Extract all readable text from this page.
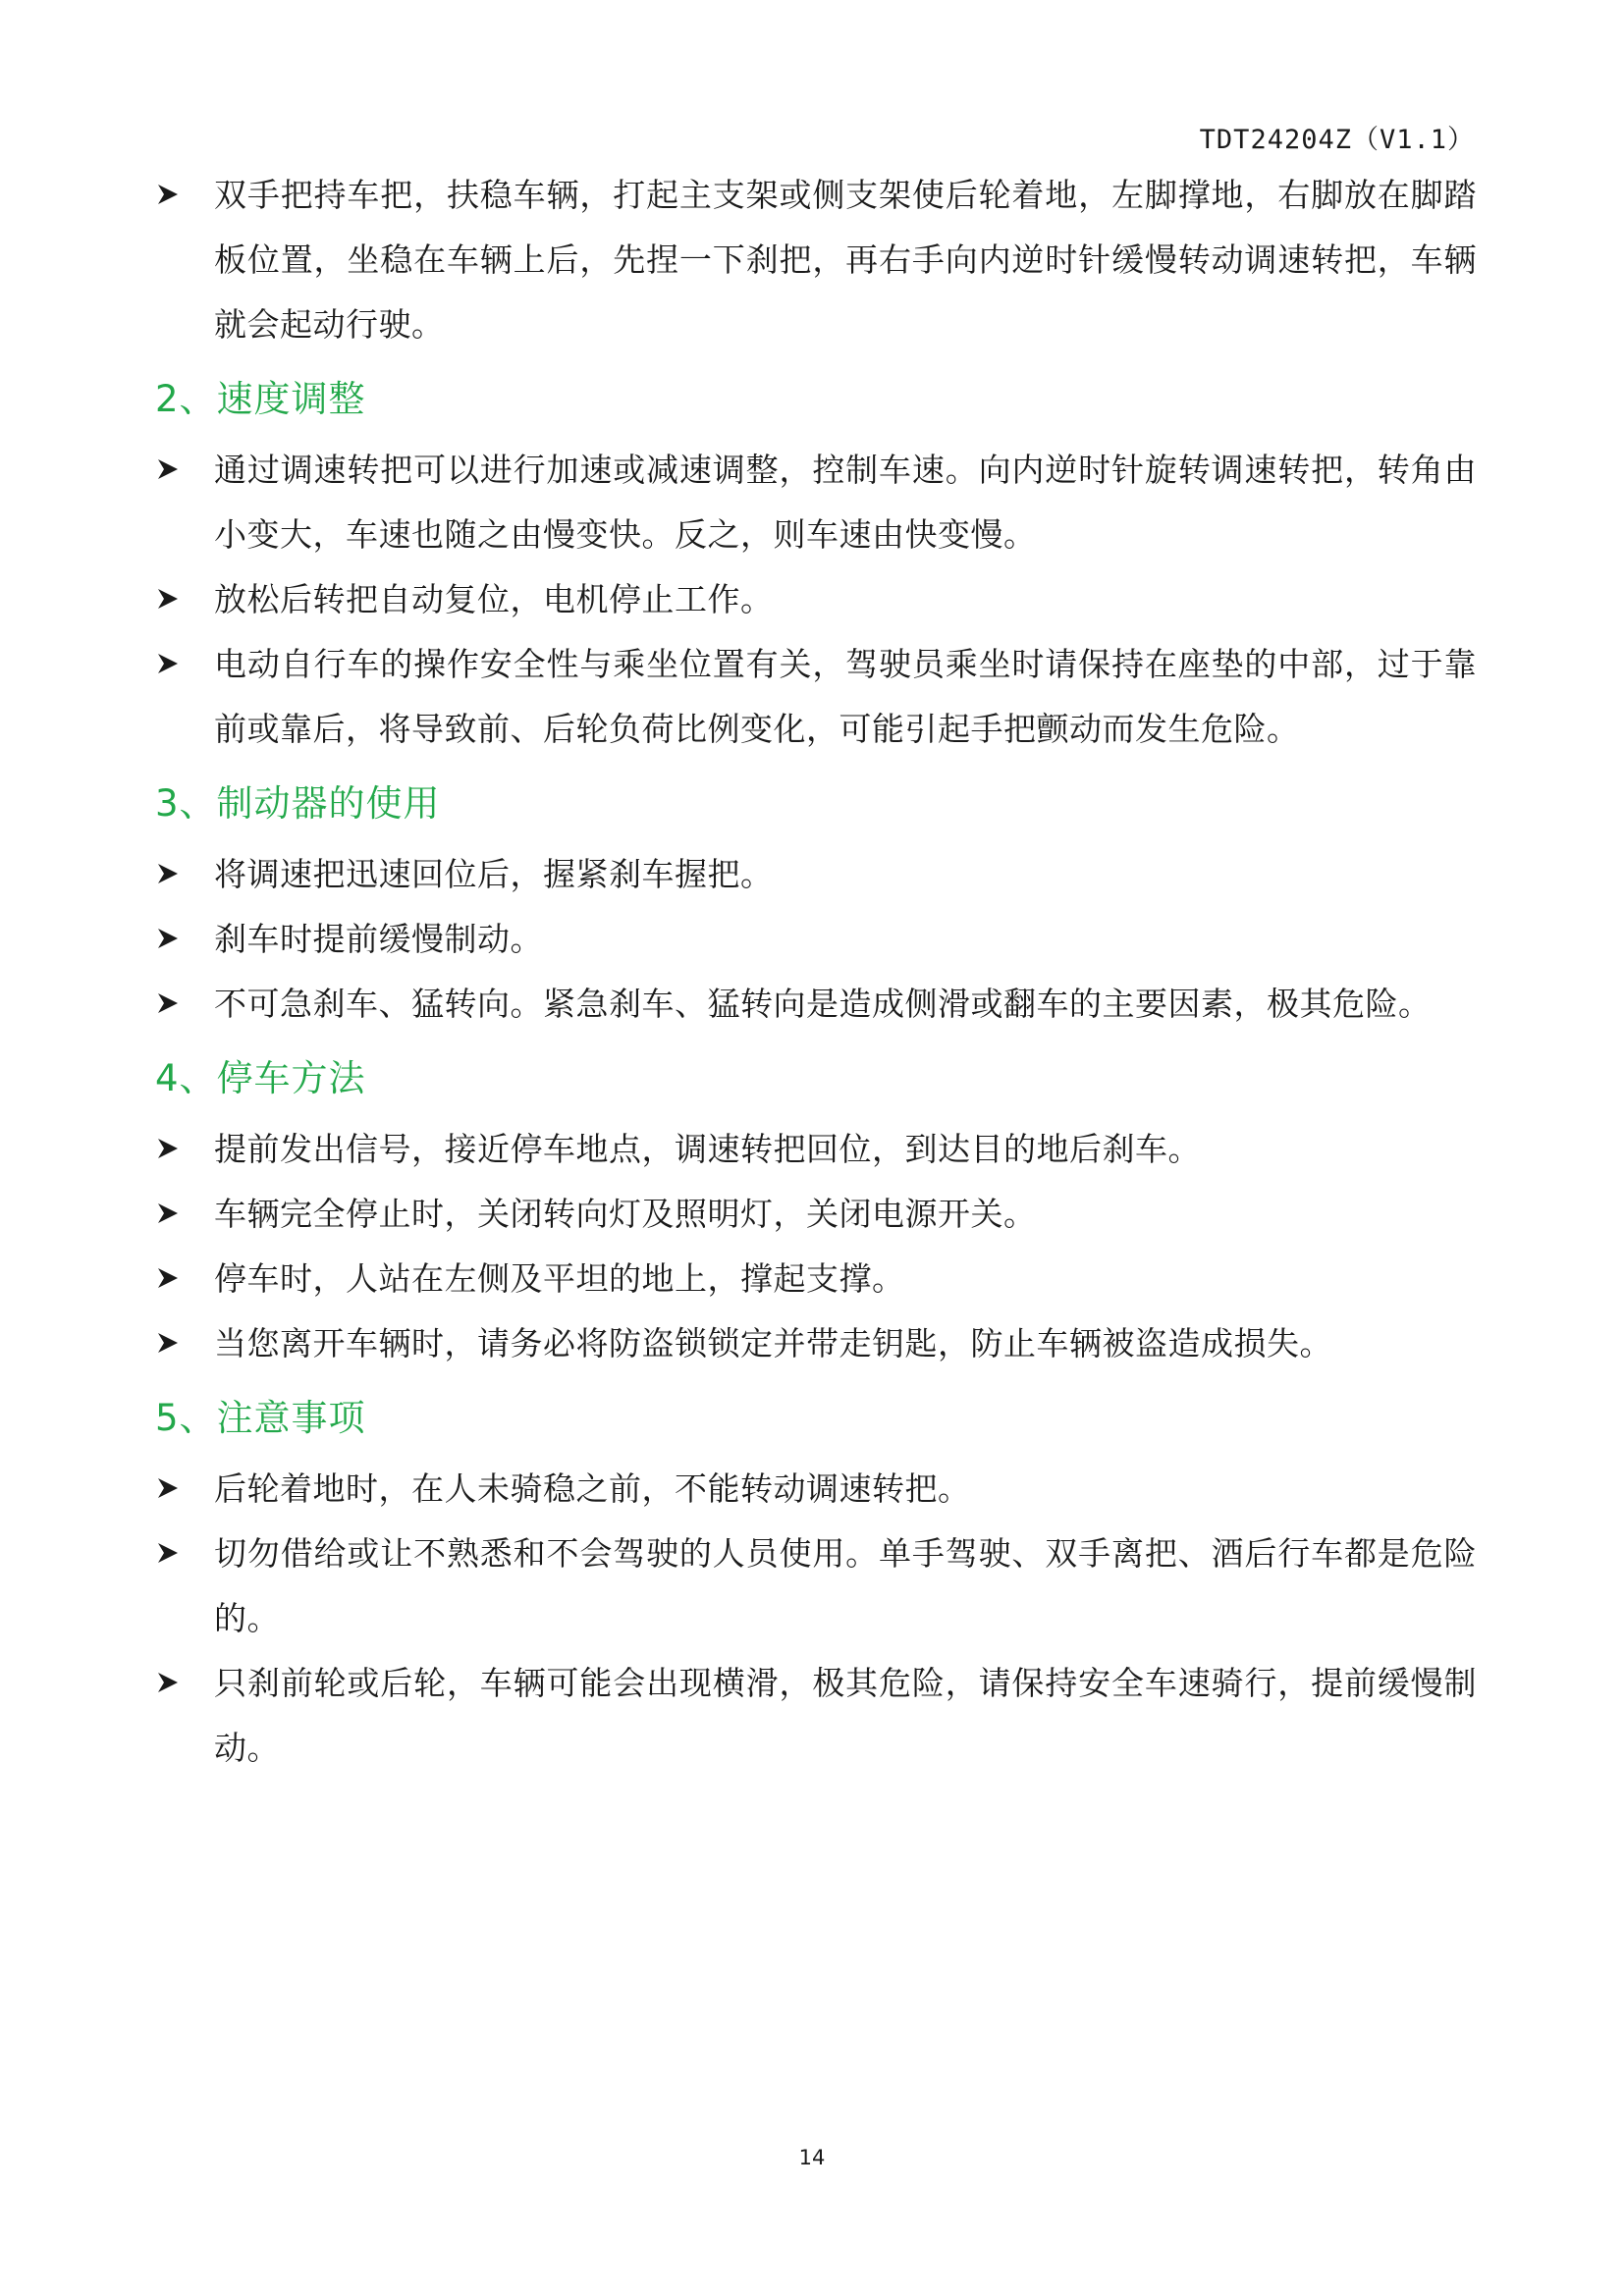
TDT24204Z（V1.1）
双手把持车把，扶稳车辆，打起主支架或侧支架使后轮着地，左脚撑地，右脚放在脚踏板位置，坐稳在车辆上后，先捏一下刹把，再右手向内逆时针缓慢转动调速转把，车辆就会起动行驶。
2、速度调整
通过调速转把可以进行加速或减速调整，控制车速。向内逆时针旋转调速转把，转角由小变大，车速也随之由慢变快。反之，则车速由快变慢。
放松后转把自动复位，电机停止工作。
电动自行车的操作安全性与乘坐位置有关，驾驶员乘坐时请保持在座垫的中部，过于靠前或靠后，将导致前、后轮负荷比例变化，可能引起手把颤动而发生危险。
3、制动器的使用
将调速把迅速回位后，握紧刹车握把。
刹车时提前缓慢制动。
不可急刹车、猛转向。紧急刹车、猛转向是造成侧滑或翻车的主要因素，极其危险。
4、停车方法
提前发出信号，接近停车地点，调速转把回位，到达目的地后刹车。
车辆完全停止时，关闭转向灯及照明灯，关闭电源开关。
停车时，人站在左侧及平坦的地上，撑起支撑。
当您离开车辆时，请务必将防盗锁锁定并带走钥匙，防止车辆被盗造成损失。
5、注意事项
后轮着地时，在人未骑稳之前，不能转动调速转把。
切勿借给或让不熟悉和不会驾驶的人员使用。单手驾驶、双手离把、酒后行车都是危险的。
只刹前轮或后轮，车辆可能会出现横滑，极其危险，请保持安全车速骑行，提前缓慢制动。
14
